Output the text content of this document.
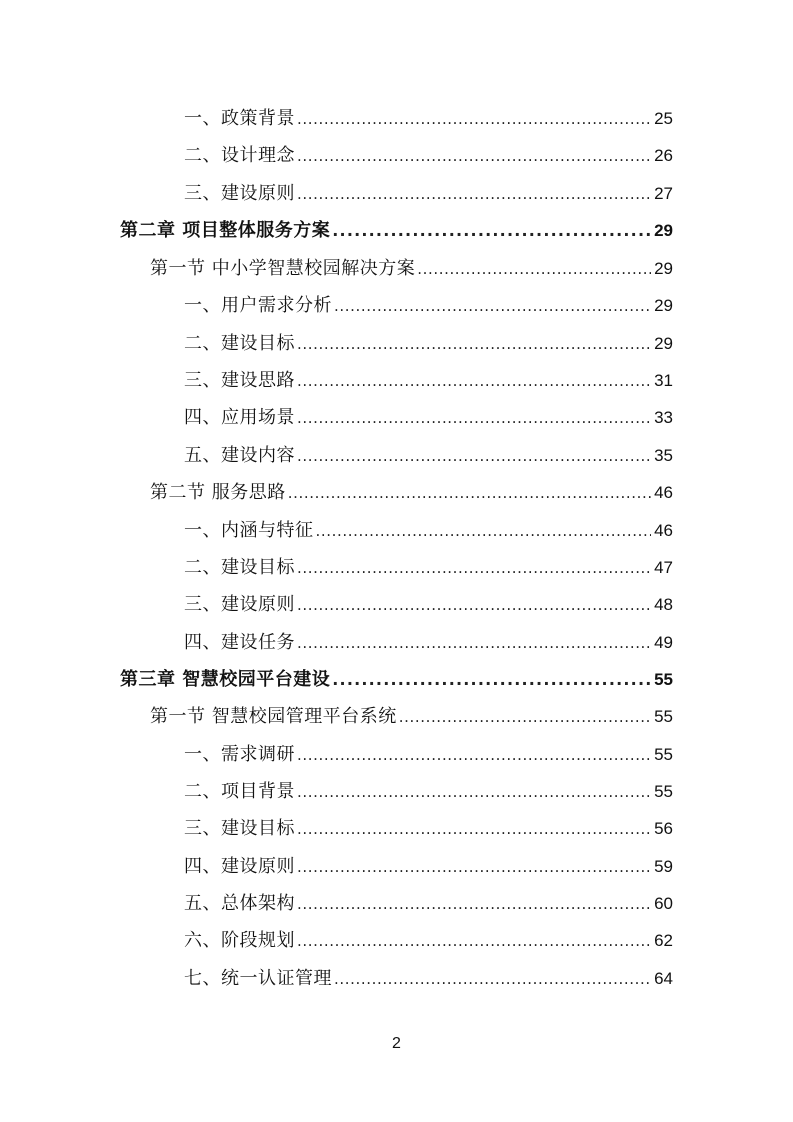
一、政策背景 .....	25
二、设计理念 .....	26
三、建设原则 .....	27
第二章 项目整体服务方案 .....	29
第一节 中小学智慧校园解决方案 .....	29
一、用户需求分析 .....	29
二、建设目标 .....	29
三、建设思路 .....	31
四、应用场景 .....	33
五、建设内容 .....	35
第二节 服务思路 .....	46
一、内涵与特征 .....	46
二、建设目标 .....	47
三、建设原则 .....	48
四、建设任务 .....	49
第三章 智慧校园平台建设 .....	55
第一节 智慧校园管理平台系统 .....	55
一、需求调研 .....	55
二、项目背景 .....	55
三、建设目标 .....	56
四、建设原则 .....	59
五、总体架构 .....	60
六、阶段规划 .....	62
七、统一认证管理 .....	64
2
